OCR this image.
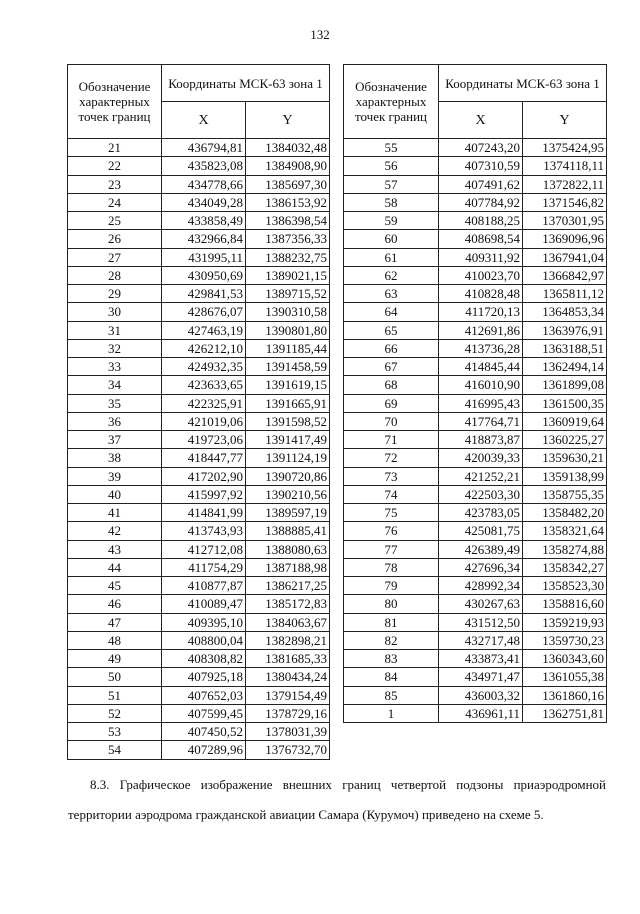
132
Обозначение характерных точек границ	Координаты МСК-63 зона 1	
	X	Y
21	436794,81	1384032,48
22	435823,08	1384908,90
23	434778,66	1385697,30
24	434049,28	1386153,92
25	433858,49	1386398,54
26	432966,84	1387356,33
27	431995,11	1388232,75
28	430950,69	1389021,15
29	429841,53	1389715,52
30	428676,07	1390310,58
31	427463,19	1390801,80
32	426212,10	1391185,44
33	424932,35	1391458,59
34	423633,65	1391619,15
35	422325,91	1391665,91
36	421019,06	1391598,52
37	419723,06	1391417,49
38	418447,77	1391124,19
39	417202,90	1390720,86
40	415997,92	1390210,56
41	414841,99	1389597,19
42	413743,93	1388885,41
43	412712,08	1388080,63
44	411754,29	1387188,98
45	410877,87	1386217,25
46	410089,47	1385172,83
47	409395,10	1384063,67
48	408800,04	1382898,21
49	408308,82	1381685,33
50	407925,18	1380434,24
51	407652,03	1379154,49
52	407599,45	1378729,16
53	407450,52	1378031,39
54	407289,96	1376732,70
Обозначение характерных точек границ	Координаты МСК-63 зона 1	
	X	Y
55	407243,20	1375424,95
56	407310,59	1374118,11
57	407491,62	1372822,11
58	407784,92	1371546,82
59	408188,25	1370301,95
60	408698,54	1369096,96
61	409311,92	1367941,04
62	410023,70	1366842,97
63	410828,48	1365811,12
64	411720,13	1364853,34
65	412691,86	1363976,91
66	413736,28	1363188,51
67	414845,44	1362494,14
68	416010,90	1361899,08
69	416995,43	1361500,35
70	417764,71	1360919,64
71	418873,87	1360225,27
72	420039,33	1359630,21
73	421252,21	1359138,99
74	422503,30	1358755,35
75	423783,05	1358482,20
76	425081,75	1358321,64
77	426389,49	1358274,88
78	427696,34	1358342,27
79	428992,34	1358523,30
80	430267,63	1358816,60
81	431512,50	1359219,93
82	432717,48	1359730,23
83	433873,41	1360343,60
84	434971,47	1361055,38
85	436003,32	1361860,16
1	436961,11	1362751,81
8.3. Графическое изображение внешних границ четвертой подзоны приаэродромной территории аэродрома гражданской авиации Самара (Курумоч) приведено на схеме 5.
